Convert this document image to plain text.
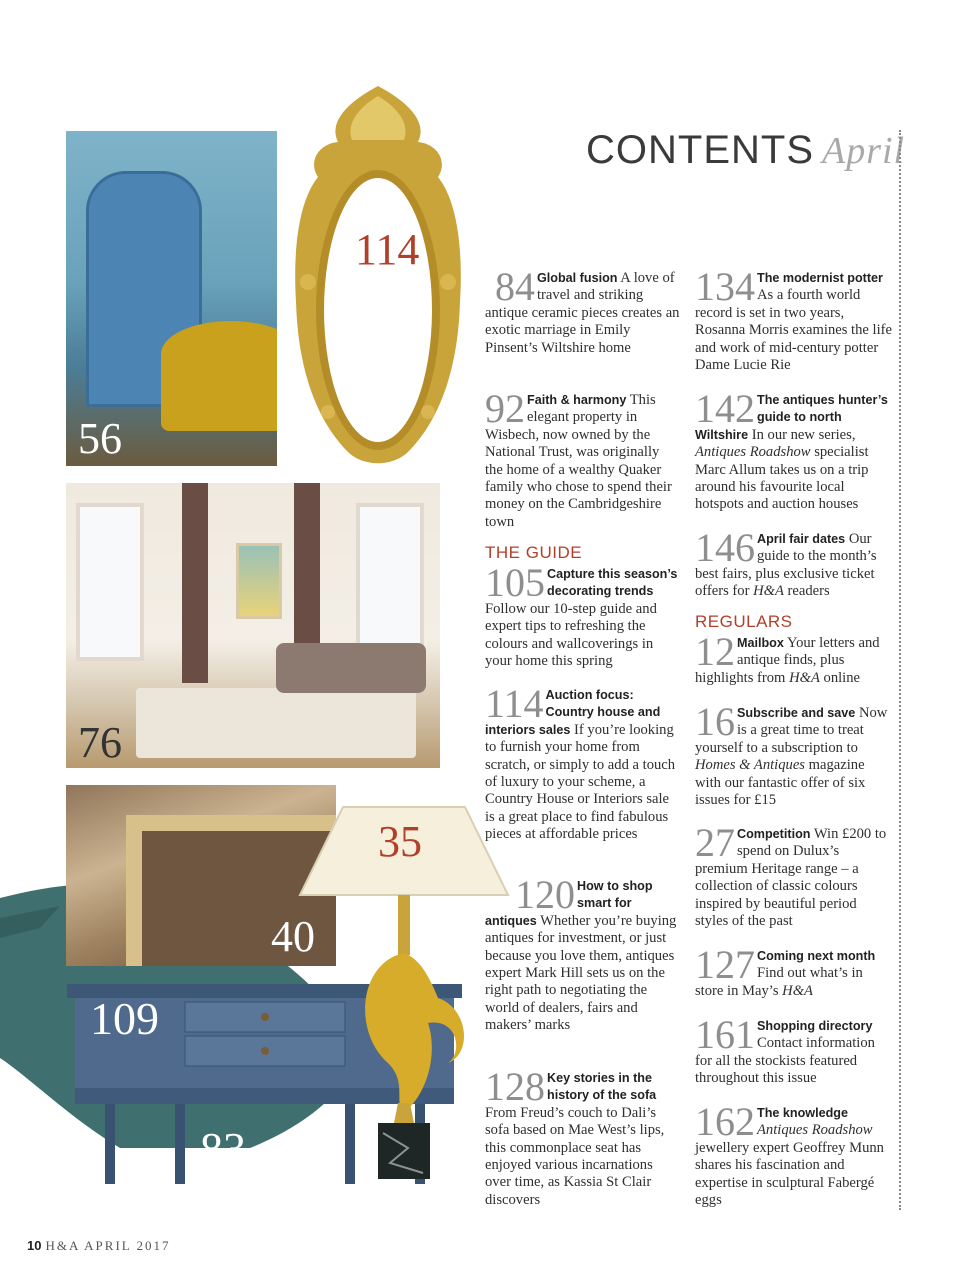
CONTENTS April
56
76
40
114
109
83
35
84 Global fusion A love of travel and striking antique ceramic pieces creates an exotic marriage in Emily Pinsent’s Wiltshire home
92 Faith & harmony This elegant property in Wisbech, now owned by the National Trust, was originally the home of a wealthy Quaker family who chose to spend their money on the Cambridgeshire town
THE GUIDE
105 Capture this season’s decorating trends Follow our 10-step guide and expert tips to refreshing the colours and wallcoverings in your home this spring
114 Auction focus: Country house and interiors sales If you’re looking to furnish your home from scratch, or simply to add a touch of luxury to your scheme, a Country House or Interiors sale is a great place to find fabulous pieces at affordable prices
120 How to shop smart for antiques Whether you’re buying antiques for investment, or just because you love them, antiques expert Mark Hill sets us on the right path to negotiating the world of dealers, fairs and makers’ marks
128 Key stories in the history of the sofa From Freud’s couch to Dali’s sofa based on Mae West’s lips, this commonplace seat has enjoyed various incarnations over time, as Kassia St Clair discovers
134 The modernist potter As a fourth world record is set in two years, Rosanna Morris examines the life and work of mid-century potter Dame Lucie Rie
142 The antiques hunter’s guide to north Wiltshire In our new series, Antiques Roadshow specialist Marc Allum takes us on a trip around his favourite local hotspots and auction houses
146 April fair dates Our guide to the month’s best fairs, plus exclusive ticket offers for H&A readers
REGULARS
12 Mailbox Your letters and antique finds, plus highlights from H&A online
16 Subscribe and save Now is a great time to treat yourself to a subscription to Homes & Antiques magazine with our fantastic offer of six issues for £15
27 Competition Win £200 to spend on Dulux’s premium Heritage range – a collection of classic colours inspired by beautiful period styles of the past
127 Coming next month Find out what’s in store in May’s H&A
161 Shopping directory Contact information for all the stockists featured throughout this issue
162 The knowledge Antiques Roadshow jewellery expert Geoffrey Munn shares his fascination and expertise in sculptural Fabergé eggs
10 H&A APRIL 2017
